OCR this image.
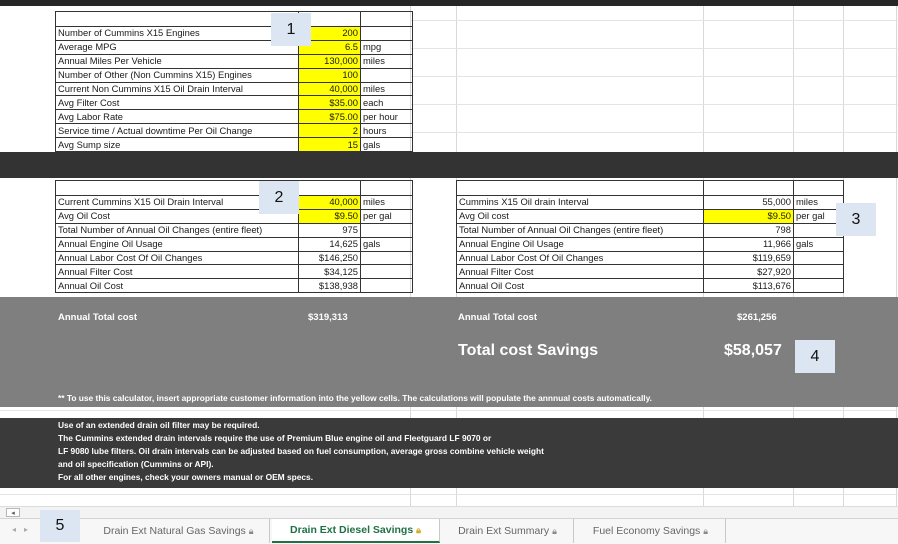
Number of Cummins X15 Engines	200	
Average MPG	6.5	mpg
Annual Miles Per Vehicle	130,000	miles
Number of Other (Non Cummins X15) Engines	100	
Current Non Cummins X15 Oil Drain Interval	40,000	miles
Avg Filter Cost	$35.00	each
Avg Labor Rate	$75.00	per hour
Service time / Actual downtime Per Oil Change	2	hours
Avg Sump size	15	gals

Current Cummins X15 Oil Drain Interval	40,000	miles
Avg Oil Cost	$9.50	per gal
Total Number of Annual Oil Changes (entire fleet)	975	
Annual Engine Oil Usage	14,625	gals
Annual Labor Cost Of Oil Changes	$146,250	
Annual Filter Cost	$34,125	
Annual Oil Cost	$138,938	

Cummins X15 Oil drain Interval	55,000	miles
Avg Oil cost	$9.50	per gal
Total Number of Annual Oil Changes (entire fleet)	798	
Annual Engine Oil Usage	11,966	gals
Annual Labor Cost Of Oil Changes	$119,659	
Annual Filter Cost	$27,920	
Annual Oil Cost	$113,676	
Annual Total cost	$319,313	Annual Total cost	$261,256
Total cost Savings	$58,057
** To use this calculator, insert appropriate customer information into the yellow cells. The calculations will populate the annnual costs automatically.
Use of an extended drain oil filter may be required.
The Cummins extended drain intervals require the use of Premium Blue engine oil and Fleetguard LF 9070 or
LF 9080 lube filters. Oil drain intervals can be adjusted based on fuel consumption, average gross combine vehicle weight
and oil specification (Cummins or API).
For all other engines, check your owners manual or OEM specs.
1
2
3
4
◂
◂ ▸	Drain Ext Natural Gas Savings 🔒︎	Drain Ext Diesel Savings 🔒︎	Drain Ext Summary 🔒︎	Fuel Economy Savings 🔒︎
5
